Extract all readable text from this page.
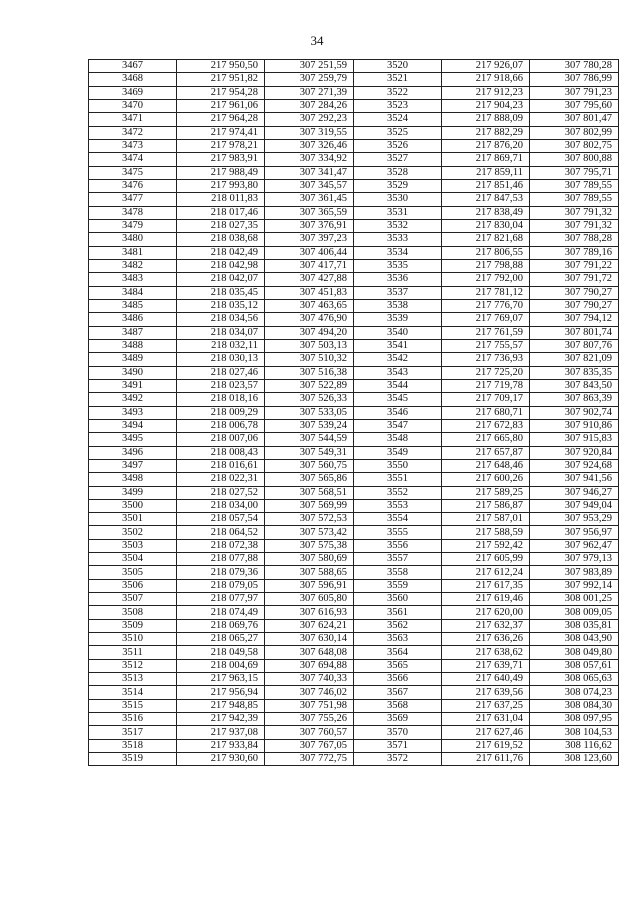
34
3467	217 950,50	307 251,59	3520	217 926,07	307 780,28
3468	217 951,82	307 259,79	3521	217 918,66	307 786,99
3469	217 954,28	307 271,39	3522	217 912,23	307 791,23
3470	217 961,06	307 284,26	3523	217 904,23	307 795,60
3471	217 964,28	307 292,23	3524	217 888,09	307 801,47
3472	217 974,41	307 319,55	3525	217 882,29	307 802,99
3473	217 978,21	307 326,46	3526	217 876,20	307 802,75
3474	217 983,91	307 334,92	3527	217 869,71	307 800,88
3475	217 988,49	307 341,47	3528	217 859,11	307 795,71
3476	217 993,80	307 345,57	3529	217 851,46	307 789,55
3477	218 011,83	307 361,45	3530	217 847,53	307 789,55
3478	218 017,46	307 365,59	3531	217 838,49	307 791,32
3479	218 027,35	307 376,91	3532	217 830,04	307 791,32
3480	218 038,68	307 397,23	3533	217 821,68	307 788,28
3481	218 042,49	307 406,44	3534	217 806,55	307 789,16
3482	218 042,98	307 417,71	3535	217 798,88	307 791,22
3483	218 042,07	307 427,88	3536	217 792,00	307 791,72
3484	218 035,45	307 451,83	3537	217 781,12	307 790,27
3485	218 035,12	307 463,65	3538	217 776,70	307 790,27
3486	218 034,56	307 476,90	3539	217 769,07	307 794,12
3487	218 034,07	307 494,20	3540	217 761,59	307 801,74
3488	218 032,11	307 503,13	3541	217 755,57	307 807,76
3489	218 030,13	307 510,32	3542	217 736,93	307 821,09
3490	218 027,46	307 516,38	3543	217 725,20	307 835,35
3491	218 023,57	307 522,89	3544	217 719,78	307 843,50
3492	218 018,16	307 526,33	3545	217 709,17	307 863,39
3493	218 009,29	307 533,05	3546	217 680,71	307 902,74
3494	218 006,78	307 539,24	3547	217 672,83	307 910,86
3495	218 007,06	307 544,59	3548	217 665,80	307 915,83
3496	218 008,43	307 549,31	3549	217 657,87	307 920,84
3497	218 016,61	307 560,75	3550	217 648,46	307 924,68
3498	218 022,31	307 565,86	3551	217 600,26	307 941,56
3499	218 027,52	307 568,51	3552	217 589,25	307 946,27
3500	218 034,00	307 569,99	3553	217 586,87	307 949,04
3501	218 057,54	307 572,53	3554	217 587,01	307 953,29
3502	218 064,52	307 573,42	3555	217 588,59	307 956,97
3503	218 072,38	307 575,38	3556	217 592,42	307 962,47
3504	218 077,88	307 580,69	3557	217 605,99	307 979,13
3505	218 079,36	307 588,65	3558	217 612,24	307 983,89
3506	218 079,05	307 596,91	3559	217 617,35	307 992,14
3507	218 077,97	307 605,80	3560	217 619,46	308 001,25
3508	218 074,49	307 616,93	3561	217 620,00	308 009,05
3509	218 069,76	307 624,21	3562	217 632,37	308 035,81
3510	218 065,27	307 630,14	3563	217 636,26	308 043,90
3511	218 049,58	307 648,08	3564	217 638,62	308 049,80
3512	218 004,69	307 694,88	3565	217 639,71	308 057,61
3513	217 963,15	307 740,33	3566	217 640,49	308 065,63
3514	217 956,94	307 746,02	3567	217 639,56	308 074,23
3515	217 948,85	307 751,98	3568	217 637,25	308 084,30
3516	217 942,39	307 755,26	3569	217 631,04	308 097,95
3517	217 937,08	307 760,57	3570	217 627,46	308 104,53
3518	217 933,84	307 767,05	3571	217 619,52	308 116,62
3519	217 930,60	307 772,75	3572	217 611,76	308 123,60
